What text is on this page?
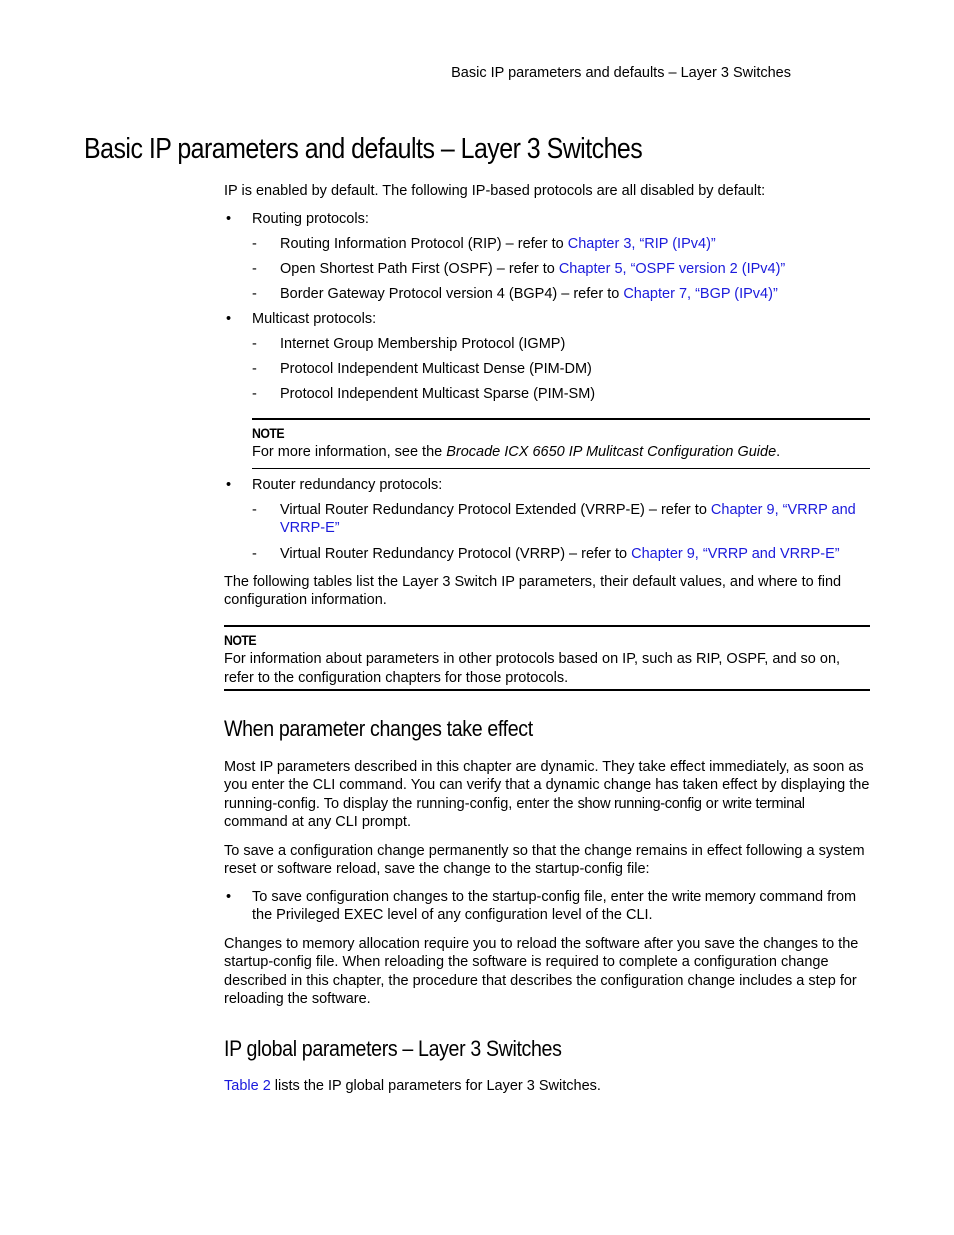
Basic IP parameters and defaults – Layer 3 Switches
Basic IP parameters and defaults – Layer 3 Switches

IP is enabled by default. The following IP-based protocols are all disabled by default:

• Routing protocols:
- Routing Information Protocol (RIP) – refer to Chapter 3, “RIP (IPv4)”
- Open Shortest Path First (OSPF) – refer to Chapter 5, “OSPF version 2 (IPv4)”
- Border Gateway Protocol version 4 (BGP4) – refer to Chapter 7, “BGP (IPv4)”
• Multicast protocols:
- Internet Group Membership Protocol (IGMP)
- Protocol Independent Multicast Dense (PIM-DM)
- Protocol Independent Multicast Sparse (PIM-SM)
NOTE
For more information, see the Brocade ICX 6650 IP Mulitcast Configuration Guide.
• Router redundancy protocols:
- Virtual Router Redundancy Protocol Extended (VRRP-E) – refer to Chapter 9, “VRRP and VRRP-E”
- Virtual Router Redundancy Protocol (VRRP) – refer to Chapter 9, “VRRP and VRRP-E”

The following tables list the Layer 3 Switch IP parameters, their default values, and where to find configuration information.

NOTE
For information about parameters in other protocols based on IP, such as RIP, OSPF, and so on, refer to the configuration chapters for those protocols.
When parameter changes take effect

Most IP parameters described in this chapter are dynamic. They take effect immediately, as soon as you enter the CLI command. You can verify that a dynamic change has taken effect by displaying the running-config. To display the running-config, enter the show running-config or write terminal command at any CLI prompt.

To save a configuration change permanently so that the change remains in effect following a system reset or software reload, save the change to the startup-config file:

• To save configuration changes to the startup-config file, enter the write memory command from the Privileged EXEC level of any configuration level of the CLI.

Changes to memory allocation require you to reload the software after you save the changes to the startup-config file. When reloading the software is required to complete a configuration change described in this chapter, the procedure that describes the configuration change includes a step for reloading the software.

IP global parameters – Layer 3 Switches

Table 2 lists the IP global parameters for Layer 3 Switches.
